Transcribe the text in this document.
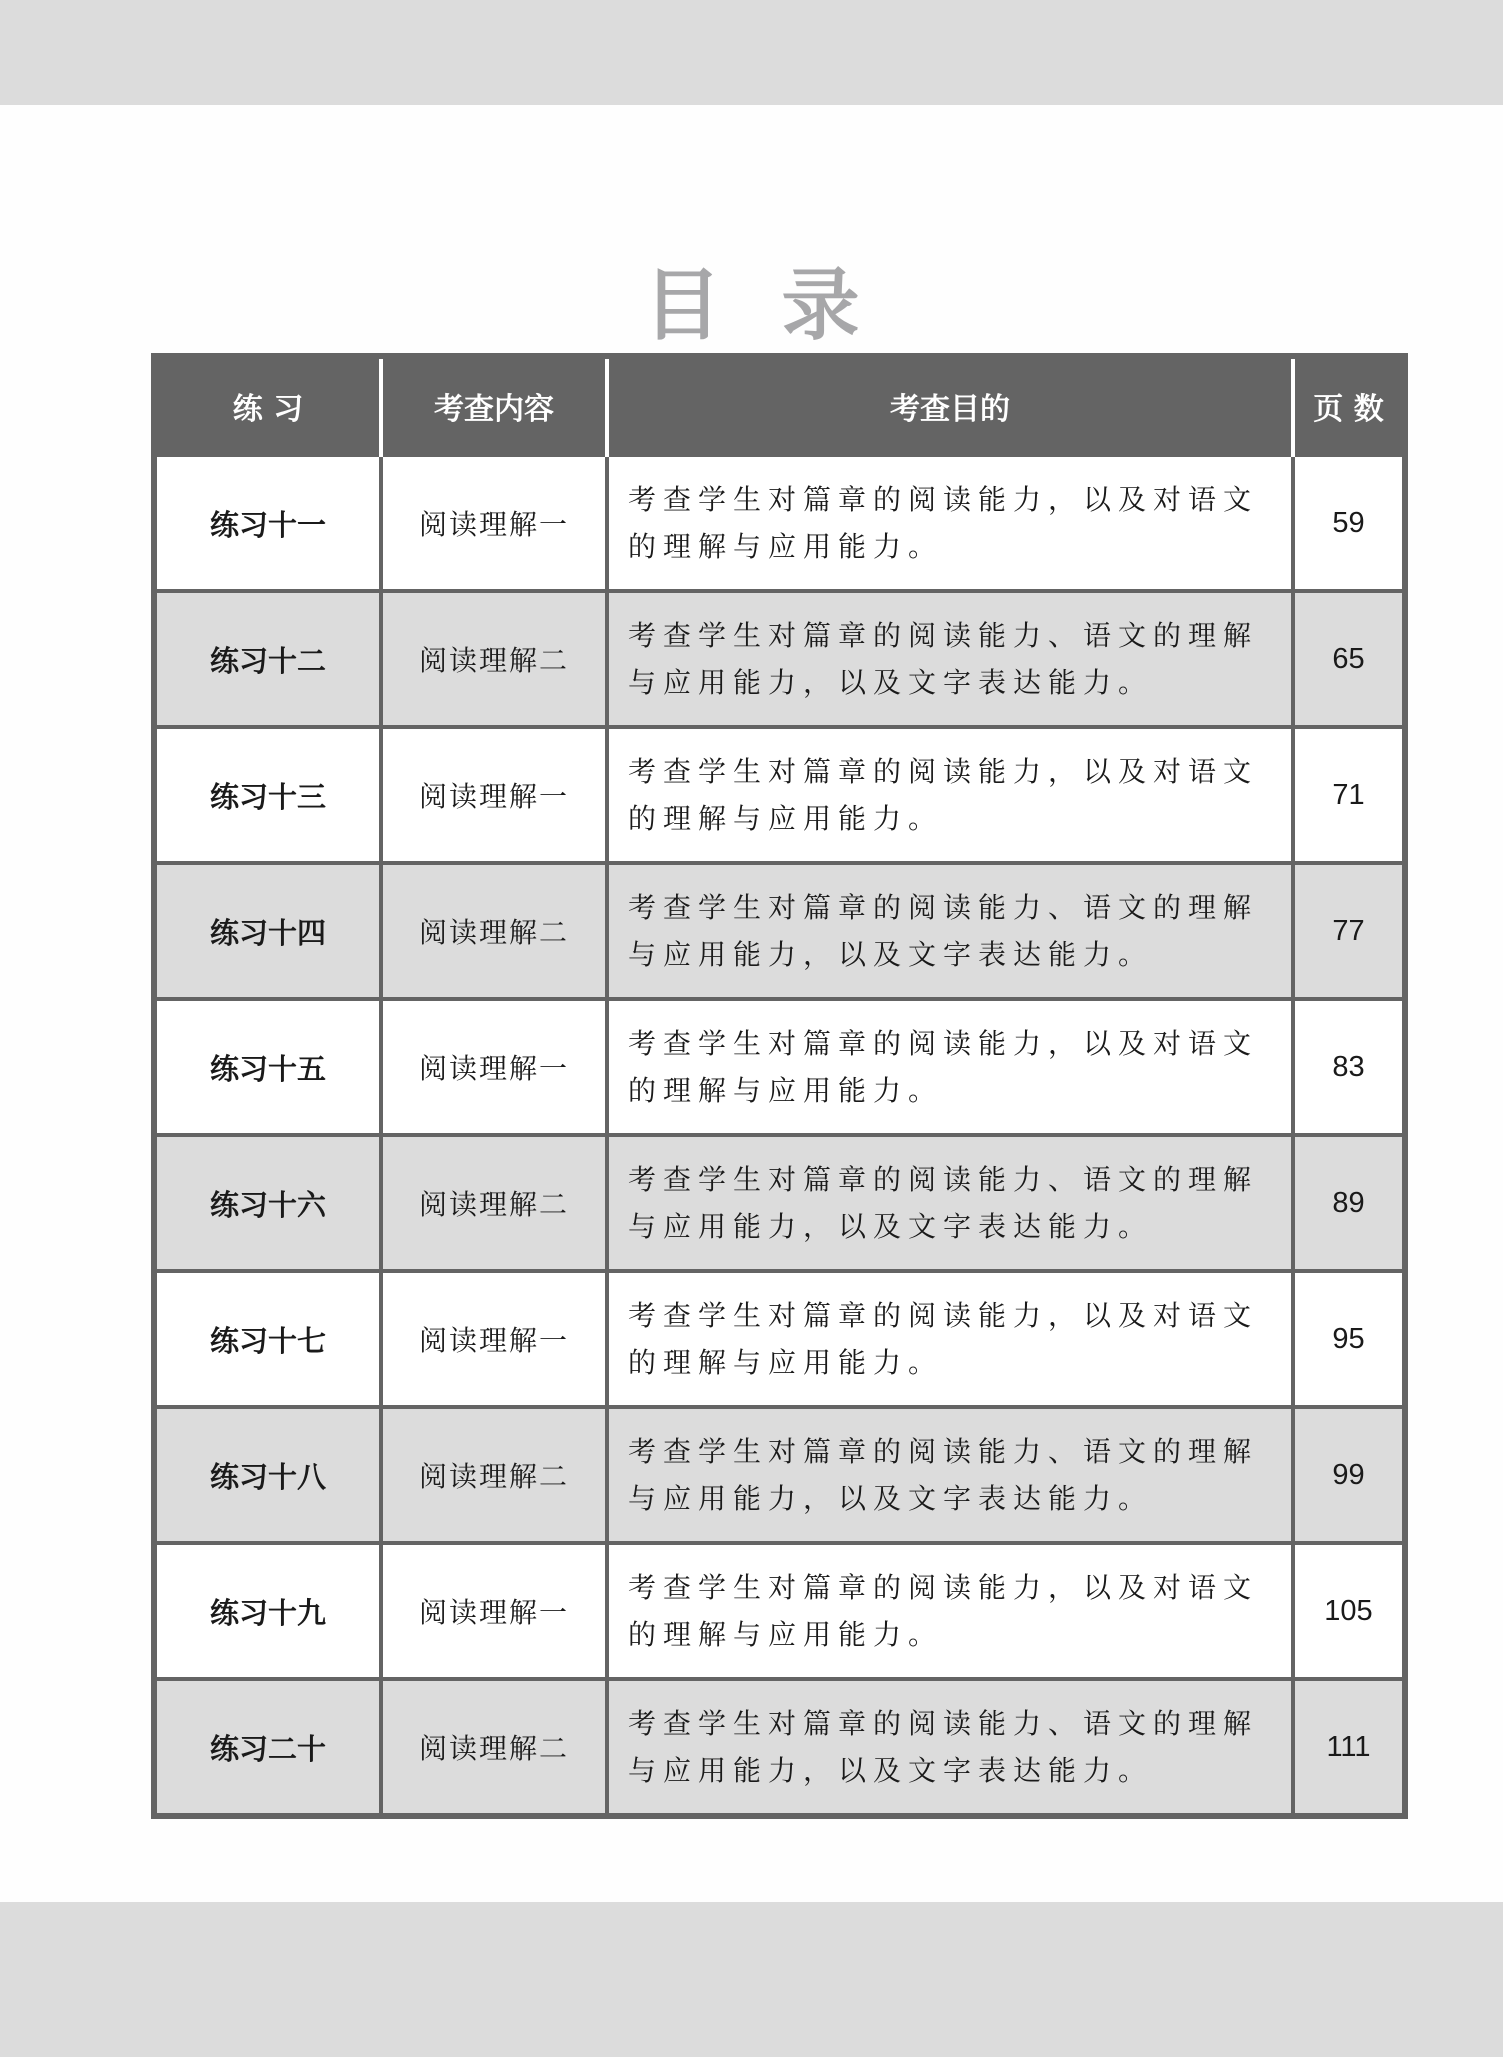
目录
练 习	考查内容	考查目的	页 数
练习十一	阅读理解一	考查学生对篇章的阅读能力，以及对语文的理解与应用能力。	59
练习十二	阅读理解二	考查学生对篇章的阅读能力、语文的理解与应用能力，以及文字表达能力。	65
练习十三	阅读理解一	考查学生对篇章的阅读能力，以及对语文的理解与应用能力。	71
练习十四	阅读理解二	考查学生对篇章的阅读能力、语文的理解与应用能力，以及文字表达能力。	77
练习十五	阅读理解一	考查学生对篇章的阅读能力，以及对语文的理解与应用能力。	83
练习十六	阅读理解二	考查学生对篇章的阅读能力、语文的理解与应用能力，以及文字表达能力。	89
练习十七	阅读理解一	考查学生对篇章的阅读能力，以及对语文的理解与应用能力。	95
练习十八	阅读理解二	考查学生对篇章的阅读能力、语文的理解与应用能力，以及文字表达能力。	99
练习十九	阅读理解一	考查学生对篇章的阅读能力，以及对语文的理解与应用能力。	105
练习二十	阅读理解二	考查学生对篇章的阅读能力、语文的理解与应用能力，以及文字表达能力。	111
